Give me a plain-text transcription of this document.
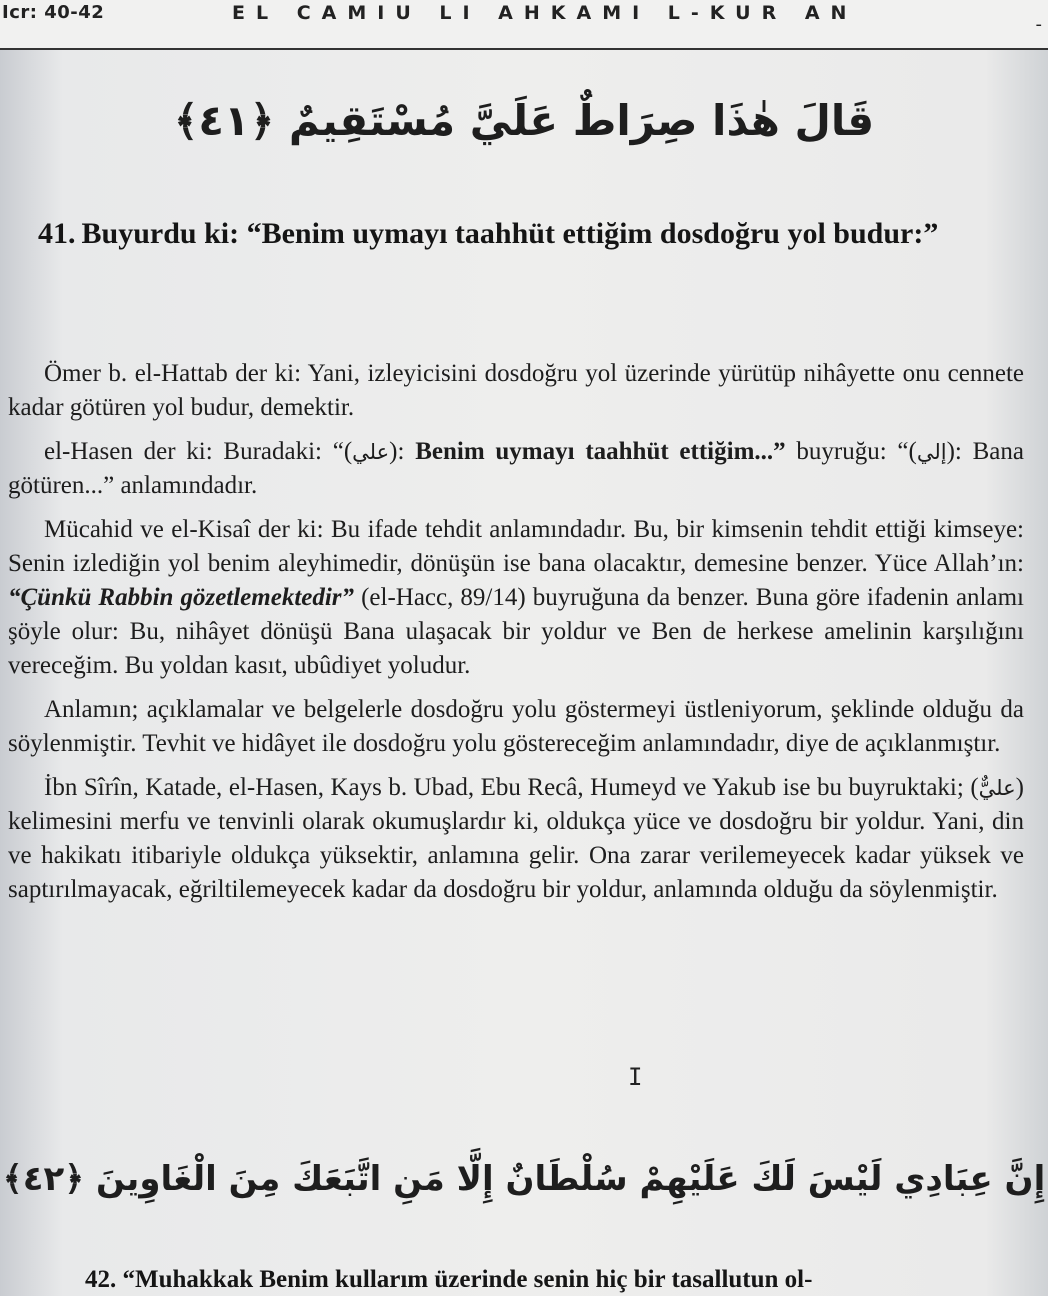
Icr: 40-42	EL CAMIU LI AHKAMI L-KUR AN
-
قَالَ هٰذَا صِرَاطٌ عَلَيَّ مُسْتَقِيمٌ ﴿٤١﴾
41. Buyurdu ki: “Benim uymayı taahhüt ettiğim dosdoğru yol budur:”

Ömer b. el-Hattab der ki: Yani, izleyicisini dosdoğru yol üzerinde yürütüp nihâyette onu cennete kadar götüren yol budur, demektir.

el-Hasen der ki: Buradaki: “(علي): Benim uymayı taahhüt ettiğim...” buyruğu: “(إلي): Bana götüren...” anlamındadır.

Mücahid ve el-Kisaî der ki: Bu ifade tehdit anlamındadır. Bu, bir kimsenin tehdit ettiği kimseye: Senin izlediğin yol benim aleyhimedir, dönüşün ise bana olacaktır, demesine benzer. Yüce Allah’ın: “Çünkü Rabbin gözetlemektedir” (el-Hacc, 89/14) buyruğuna da benzer. Buna göre ifadenin anlamı şöyle olur: Bu, nihâyet dönüşü Bana ulaşacak bir yoldur ve Ben de herkese amelinin karşılığını vereceğim. Bu yoldan kasıt, ubûdiyet yoludur.

Anlamın; açıklamalar ve belgelerle dosdoğru yolu göstermeyi üstleniyorum, şeklinde olduğu da söylenmiştir. Tevhit ve hidâyet ile dosdoğru yolu göstereceğim anlamındadır, diye de açıklanmıştır.

İbn Sîrîn, Katade, el-Hasen, Kays b. Ubad, Ebu Recâ, Humeyd ve Yakub ise bu buyruktaki; (عليٌّ) kelimesini merfu ve tenvinli olarak okumuşlardır ki, oldukça yüce ve dosdoğru bir yoldur. Yani, din ve hakikatı itibariyle oldukça yüksektir, anlamına gelir. Ona zarar verilemeyecek kadar yüksek ve saptırılmayacak, eğriltilemeyecek kadar da dosdoğru bir yoldur, anlamında olduğu da söylenmiştir.

I
إِنَّ عِبَادِي لَيْسَ لَكَ عَلَيْهِمْ سُلْطَانٌ إِلَّا مَنِ اتَّبَعَكَ مِنَ الْغَاوِينَ ﴿٤٢﴾
42. “Muhakkak Benim kullarım üzerinde senin hiç bir tasallutun ol-
